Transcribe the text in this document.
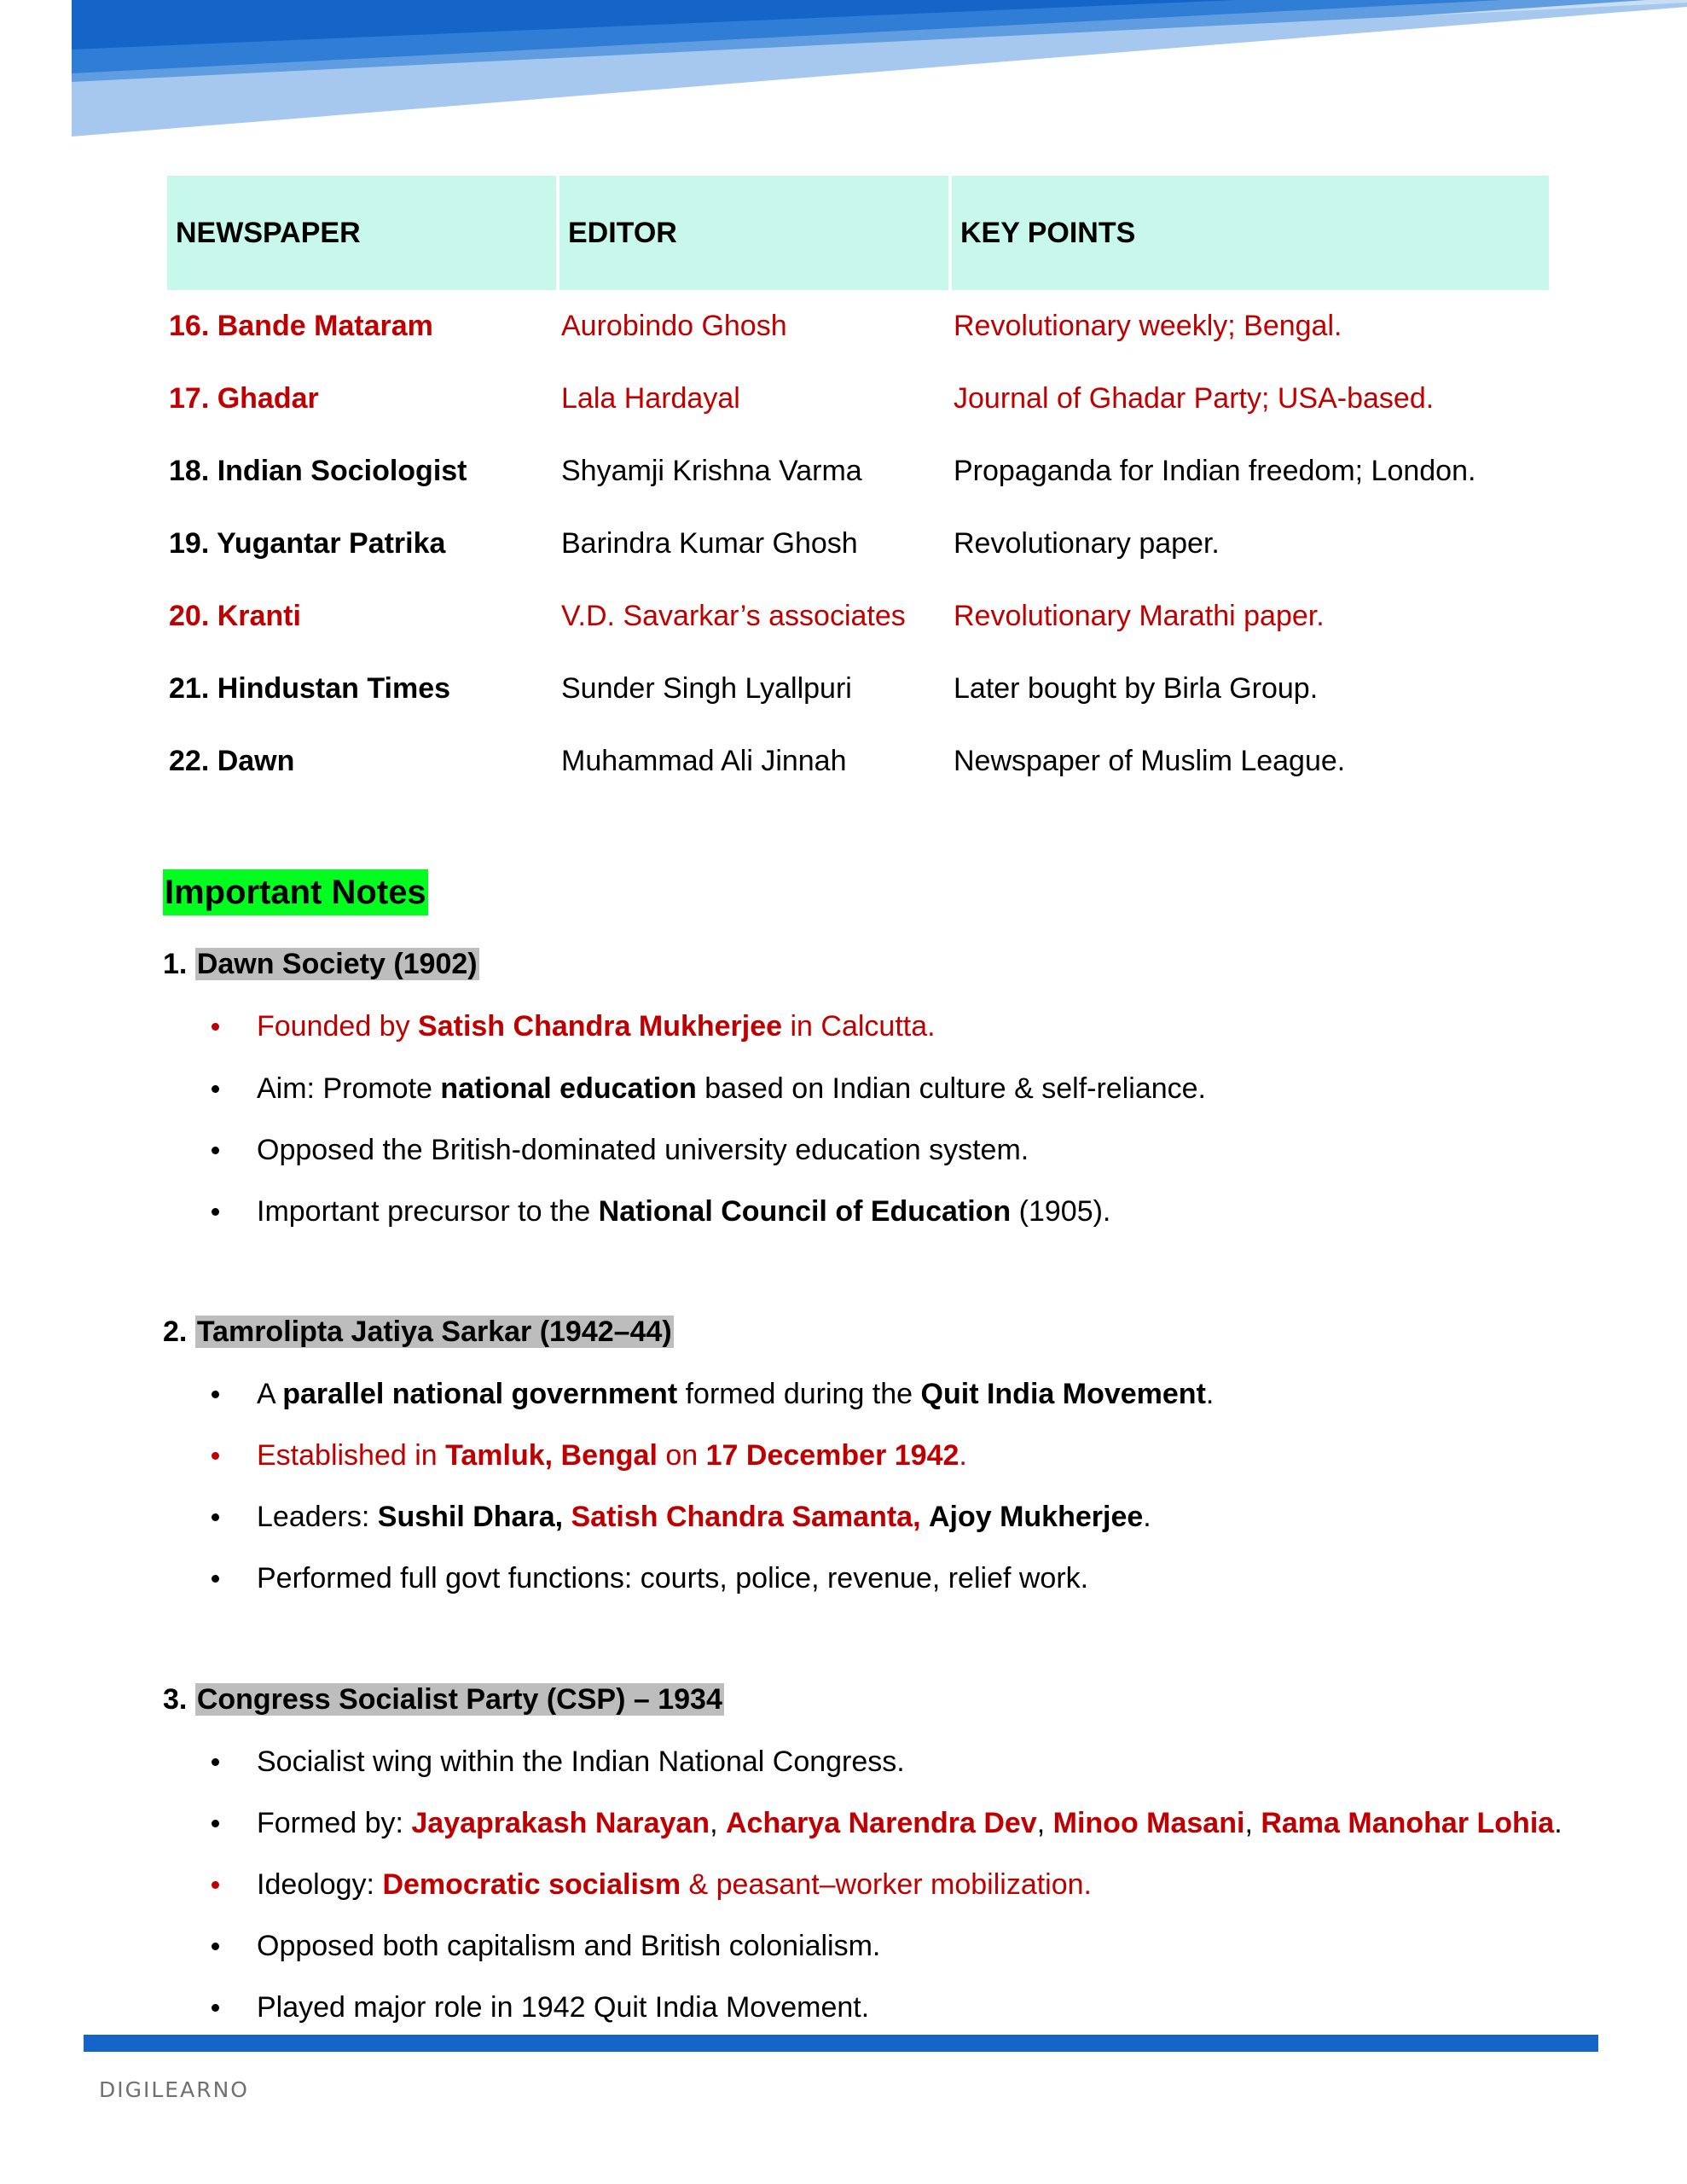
NEWSPAPER	EDITOR	KEY POINTS
16. Bande Mataram	Aurobindo Ghosh	Revolutionary weekly; Bengal.
17. Ghadar	Lala Hardayal	Journal of Ghadar Party; USA-based.
18. Indian Sociologist	Shyamji Krishna Varma	Propaganda for Indian freedom; London.
19. Yugantar Patrika	Barindra Kumar Ghosh	Revolutionary paper.
20. Kranti	V.D. Savarkar’s associates	Revolutionary Marathi paper.
21. Hindustan Times	Sunder Singh Lyallpuri	Later bought by Birla Group.
22. Dawn	Muhammad Ali Jinnah	Newspaper of Muslim League.
Important Notes
1. Dawn Society (1902)
Founded by Satish Chandra Mukherjee in Calcutta.
Aim: Promote national education based on Indian culture & self-reliance.
Opposed the British-dominated university education system.
Important precursor to the National Council of Education (1905).
2. Tamrolipta Jatiya Sarkar (1942–44)
A parallel national government formed during the Quit India Movement.
Established in Tamluk, Bengal on 17 December 1942.
Leaders: Sushil Dhara, Satish Chandra Samanta, Ajoy Mukherjee.
Performed full govt functions: courts, police, revenue, relief work.
3. Congress Socialist Party (CSP) – 1934
Socialist wing within the Indian National Congress.
Formed by: Jayaprakash Narayan, Acharya Narendra Dev, Minoo Masani, Rama Manohar Lohia.
Ideology: Democratic socialism & peasant–worker mobilization.
Opposed both capitalism and British colonialism.
Played major role in 1942 Quit India Movement.
DIGILEARNO
